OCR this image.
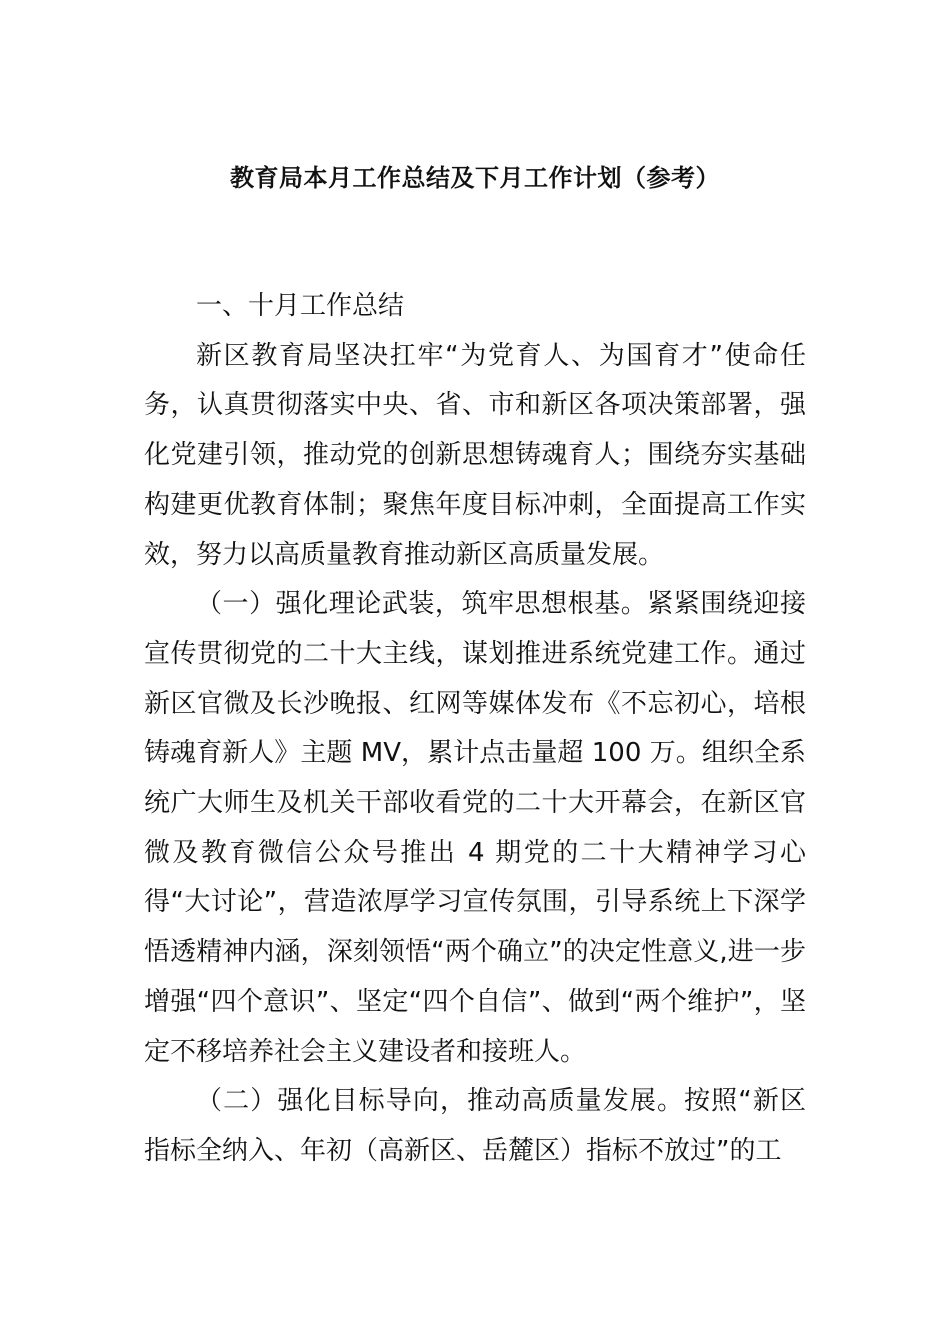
教育局本月工作总结及下月工作计划（参考）

一、十月工作总结

新区教育局坚决扛牢“为党育人、为国育才”使命任务，认真贯彻落实中央、省、市和新区各项决策部署，强化党建引领，推动党的创新思想铸魂育人；围绕夯实基础构建更优教育体制；聚焦年度目标冲刺，全面提高工作实效，努力以高质量教育推动新区高质量发展。

（一）强化理论武装，筑牢思想根基。紧紧围绕迎接宣传贯彻党的二十大主线，谋划推进系统党建工作。通过新区官微及长沙晚报、红网等媒体发布《不忘初心，培根铸魂育新人》主题 MV，累计点击量超 100 万。组织全系统广大师生及机关干部收看党的二十大开幕会，在新区官微及教育微信公众号推出 4 期党的二十大精神学习心得“大讨论”，营造浓厚学习宣传氛围，引导系统上下深学悟透精神内涵，深刻领悟“两个确立”的决定性意义,进一步增强“四个意识”、坚定“四个自信”、做到“两个维护”，坚定不移培养社会主义建设者和接班人。

（二）强化目标导向，推动高质量发展。按照“新区指标全纳入、年初（高新区、岳麓区）指标不放过”的工
